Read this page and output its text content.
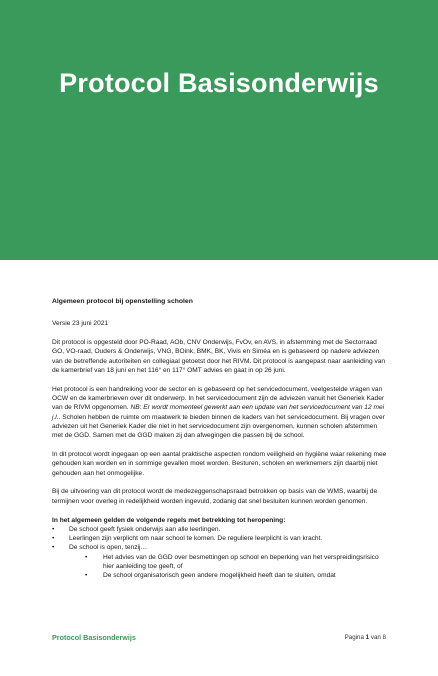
Protocol Basisonderwijs
Algemeen protocol bij openstelling scholen

Versie 23 juni 2021

Dit protocol is opgesteld door PO-Raad, AOb, CNV Onderwijs, FvOv, en AVS, in afstemming met de Sectorraad GO, VO-raad, Ouders & Onderwijs, VNG, BOink, BMK, BK, Vivis en Siméa en is gebaseerd op nadere adviezen van de betreffende autoriteiten en collegiaal getoetst door het RIVM. Dit protocol is aangepast naar aanleiding van de kamerbrief van 18 juni en het 116° en 117° OMT advies en gaat in op 26 juni.

Het protocol is een handreiking voor de sector en is gebaseerd op het servicedocument, veelgestelde vragen van OCW en de kamerbrieven over dit onderwerp. In het servicedocument zijn de adviezen vanuit het Generiek Kader van de RIVM opgenomen. NB: Er wordt momenteel gewerkt aan een update van het servicedocument van 12 mei j.l.. Scholen hebben de ruimte om maatwerk te bieden binnen de kaders van het servicedocument. Bij vragen over adviezen uit het Generiek Kader die niet in het servicedocument zijn overgenomen, kunnen scholen afstemmen met de GGD. Samen met de GGD maken zij dan afwegingen die passen bij de school.

In dit protocol wordt ingegaan op een aantal praktische aspecten rondom veiligheid en hygiëne waar rekening mee gehouden kan worden en in sommige gevallen moet worden. Besturen, scholen en werknemers zijn daarbij niet gehouden aan het onmogelijke.

Bij de uitvoering van dit protocol wordt de medezeggenschapsraad betrokken op basis van de WMS, waarbij de termijnen voor overleg in redelijkheid worden ingevuld, zodanig dat snel besluiten kunnen worden genomen.

In het algemeen gelden de volgende regels met betrekking tot heropening:
• De school geeft fysiek onderwijs aan alle leerlingen.
• Leerlingen zijn verplicht om naar school te komen. De reguliere leerplicht is van kracht.
• De school is open, tenzij…
• Het advies van de GGD over besmettingen op school en beperking van het verspreidingsrisico hier aanleiding toe geeft, of
• De school organisatorisch geen andere mogelijkheid heeft dan te sluiten, omdat
Protocol Basisonderwijs	Pagina 1 van 8
